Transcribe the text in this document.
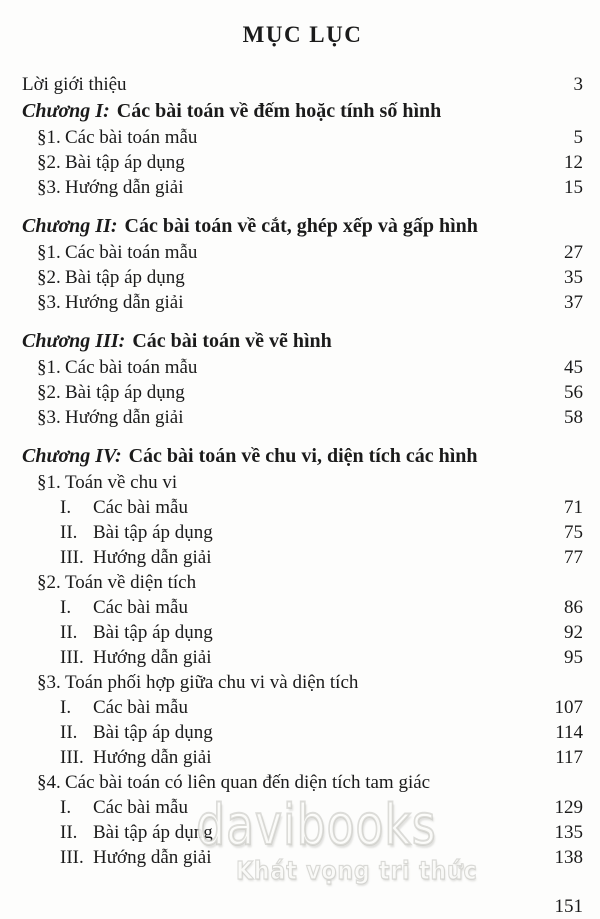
MỤC LỤC
Lời giới thiệu	3
Chương I: Các bài toán về đếm hoặc tính số hình
§1. Các bài toán mẫu	5
§2. Bài tập áp dụng	12
§3. Hướng dẫn giải	15
Chương II: Các bài toán về cắt, ghép xếp và gấp hình
§1. Các bài toán mẫu	27
§2. Bài tập áp dụng	35
§3. Hướng dẫn giải	37
Chương III: Các bài toán về vẽ hình
§1. Các bài toán mẫu	45
§2. Bài tập áp dụng	56
§3. Hướng dẫn giải	58
Chương IV: Các bài toán về chu vi, diện tích các hình
§1. Toán về chu vi
I.	Các bài mẫu	71
II. Bài tập áp dụng	75
III. Hướng dẫn giải	77
§2. Toán về diện tích
I.	Các bài mẫu	86
II. Bài tập áp dụng	92
III. Hướng dẫn giải	95
§3. Toán phối hợp giữa chu vi và diện tích
I.	Các bài mẫu	107
II. Bài tập áp dụng	114
III. Hướng dẫn giải	117
§4. Các bài toán có liên quan đến diện tích tam giác
I.	Các bài mẫu	129
II. Bài tập áp dụng	135
III. Hướng dẫn giải	138
151
davibooks
Khát vọng tri thức
